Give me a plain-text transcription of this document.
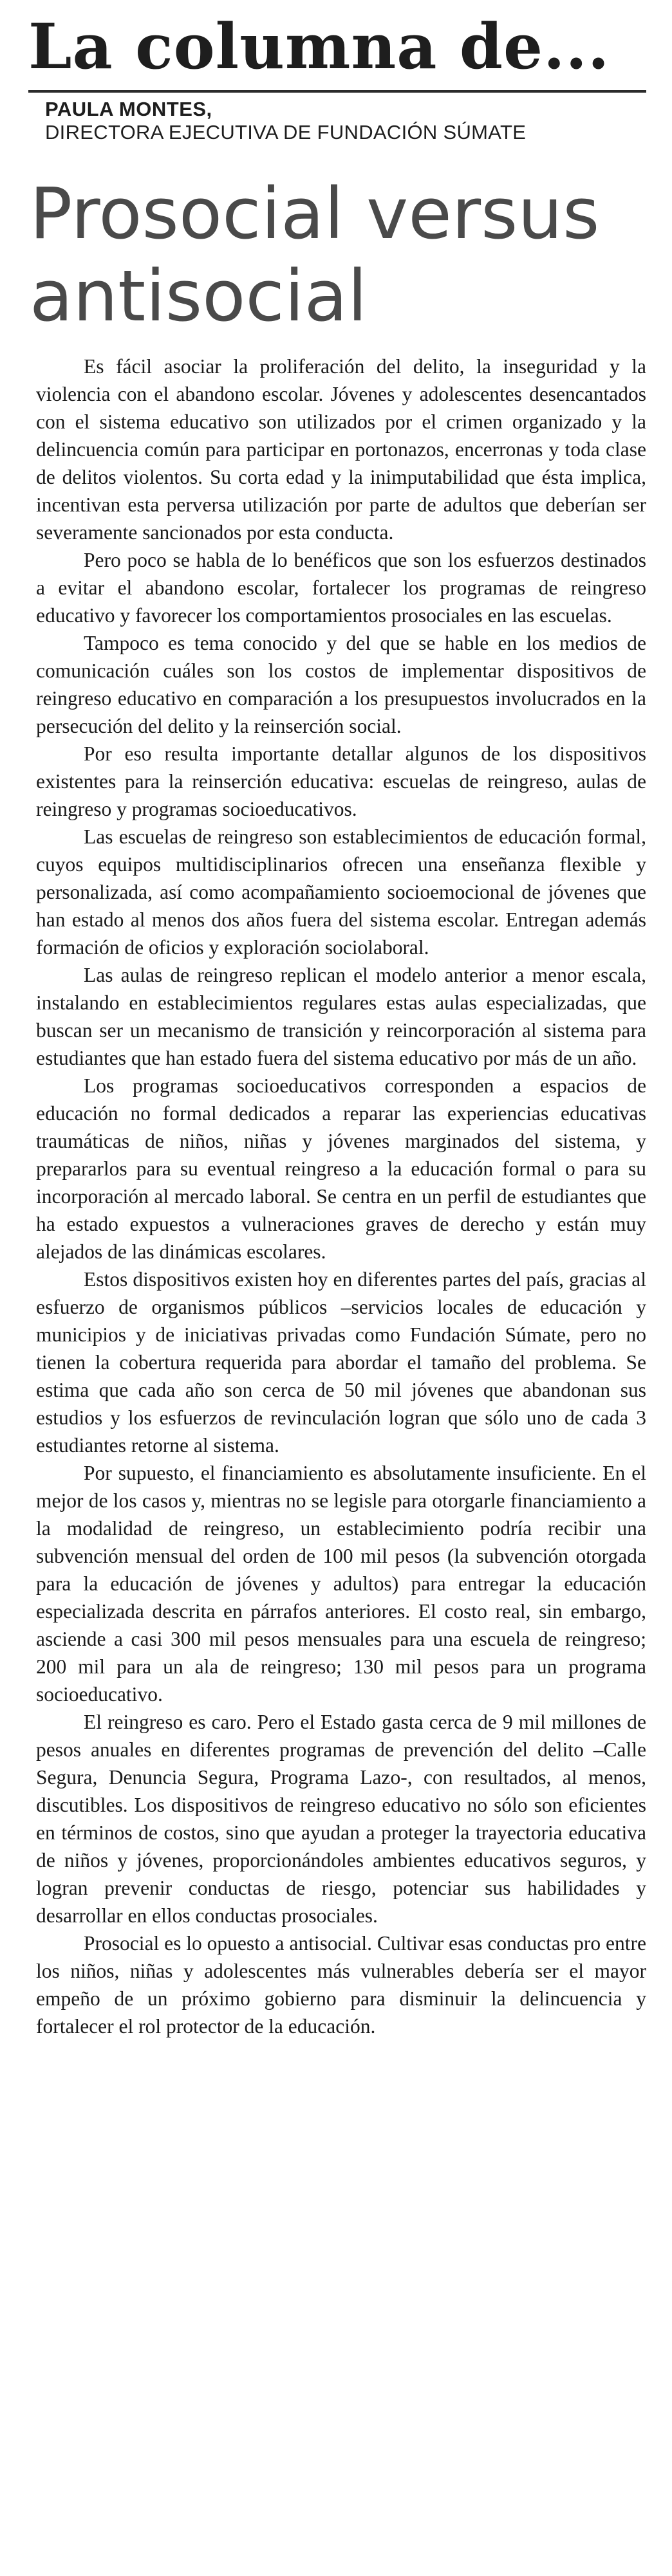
La columna de...
PAULA MONTES,
DIRECTORA EJECUTIVA DE FUNDACIÓN SÚMATE
Prosocial versus antisocial

Es fácil asociar la proliferación del delito, la inseguridad y la violencia con el abandono escolar. Jóvenes y adolescentes desencantados con el sistema educativo son utilizados por el crimen organizado y la delincuencia común para participar en portonazos, encerronas y toda clase de delitos violentos. Su corta edad y la inimputabilidad que ésta implica, incentivan esta perversa utilización por parte de adultos que deberían ser severamente sancionados por esta conducta.

Pero poco se habla de lo benéficos que son los esfuerzos destinados a evitar el abandono escolar, fortalecer los programas de reingreso educativo y favorecer los comportamientos prosociales en las escuelas.

Tampoco es tema conocido y del que se hable en los medios de comunicación cuáles son los costos de implementar dispositivos de reingreso educativo en comparación a los presupuestos involucrados en la persecución del delito y la reinserción social.

Por eso resulta importante detallar algunos de los dispositivos existentes para la reinserción educativa: escuelas de reingreso, aulas de reingreso y programas socioeducativos.

Las escuelas de reingreso son establecimientos de educación formal, cuyos equipos multidisciplinarios ofrecen una enseñanza flexible y personalizada, así como acompañamiento socioemocional de jóvenes que han estado al menos dos años fuera del sistema escolar. Entregan además formación de oficios y exploración sociolaboral.

Las aulas de reingreso replican el modelo anterior a menor escala, instalando en establecimientos regulares estas aulas especializadas, que buscan ser un mecanismo de transición y reincorporación al sistema para estudiantes que han estado fuera del sistema educativo por más de un año.

Los programas socioeducativos corresponden a espacios de educación no formal dedicados a reparar las experiencias educativas traumáticas de niños, niñas y jóvenes marginados del sistema, y prepararlos para su eventual reingreso a la educación formal o para su incorporación al mercado laboral. Se centra en un perfil de estudiantes que ha estado expuestos a vulneraciones graves de derecho y están muy alejados de las dinámicas escolares.

Estos dispositivos existen hoy en diferentes partes del país, gracias al esfuerzo de organismos públicos –servicios locales de educación y municipios y de iniciativas privadas como Fundación Súmate, pero no tienen la cobertura requerida para abordar el tamaño del problema. Se estima que cada año son cerca de 50 mil jóvenes que abandonan sus estudios y los esfuerzos de revinculación logran que sólo uno de cada 3 estudiantes retorne al sistema.

Por supuesto, el financiamiento es absolutamente insuficiente. En el mejor de los casos y, mientras no se legisle para otorgarle financiamiento a la modalidad de reingreso, un establecimiento podría recibir una subvención mensual del orden de 100 mil pesos (la subvención otorgada para la educación de jóvenes y adultos) para entregar la educación especializada descrita en párrafos anteriores. El costo real, sin embargo, asciende a casi 300 mil pesos mensuales para una escuela de reingreso; 200 mil para un ala de reingreso; 130 mil pesos para un programa socioeducativo.

El reingreso es caro. Pero el Estado gasta cerca de 9 mil millones de pesos anuales en diferentes programas de prevención del delito –Calle Segura, Denuncia Segura, Programa Lazo-, con resultados, al menos, discutibles. Los dispositivos de reingreso educativo no sólo son eficientes en términos de costos, sino que ayudan a proteger la trayectoria educativa de niños y jóvenes, proporcionándoles ambientes educativos seguros, y logran prevenir conductas de riesgo, potenciar sus habilidades y desarrollar en ellos conductas prosociales.

Prosocial es lo opuesto a antisocial. Cultivar esas conductas pro entre los niños, niñas y adolescentes más vulnerables debería ser el mayor empeño de un próximo gobierno para disminuir la delincuencia y fortalecer el rol protector de la educación.
